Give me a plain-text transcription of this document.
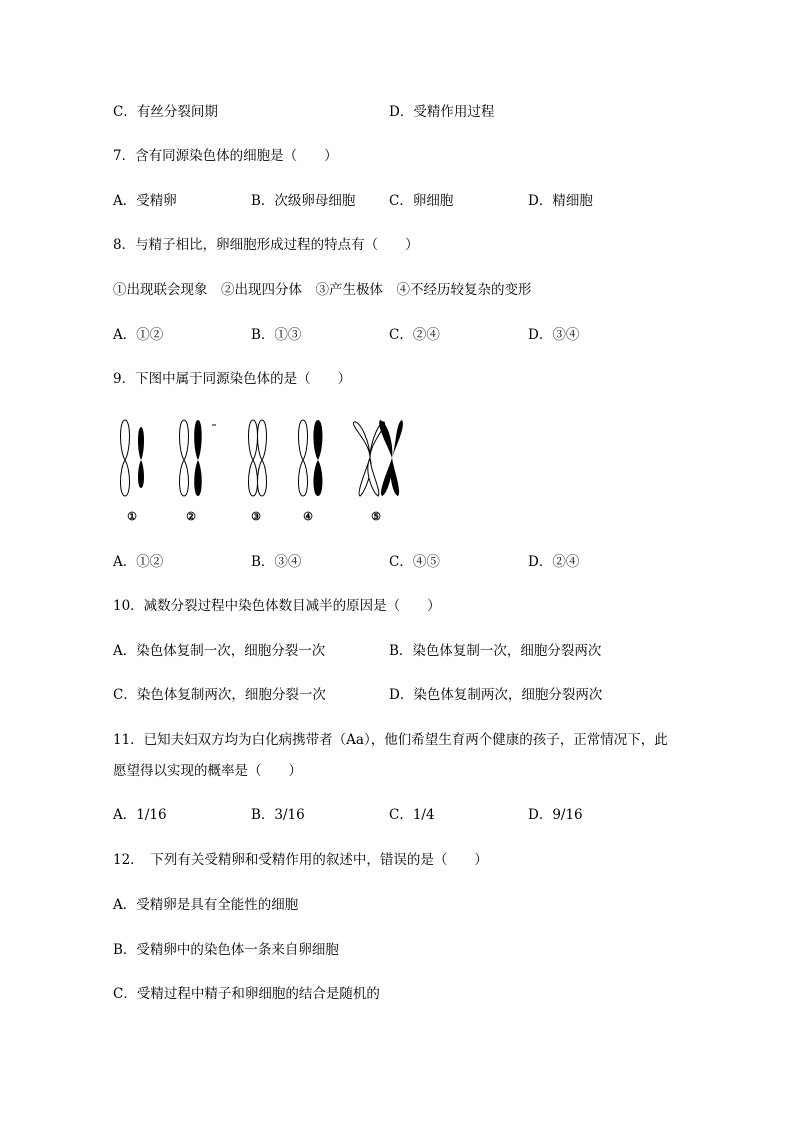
C．有丝分裂间期	D．受精作用过程
7．含有同源染色体的细胞是（　　）
A．受精卵	B．次级卵母细胞 C．卵细胞	D．精细胞
8．与精子相比，卵细胞形成过程的特点有（　　）
①出现联会现象　②出现四分体　③产生极体　④不经历较复杂的变形
A．①②	B．①③	C．②④	D．③④
9．下图中属于同源染色体的是（　　）
①	②	③	④	⑤
A．①②	B．③④	C．④⑤	D．②④
10．减数分裂过程中染色体数目减半的原因是（　　）
A．染色体复制一次，细胞分裂一次	B．染色体复制一次，细胞分裂两次
C．染色体复制两次，细胞分裂一次	D．染色体复制两次，细胞分裂两次
11．已知夫妇双方均为白化病携带者（Aa），他们希望生育两个健康的孩子，正常情况下，此
愿望得以实现的概率是（　　）
A．1/16	B．3/16	C．1/4	D．9/16
12．　下列有关受精卵和受精作用的叙述中，错误的是（　　）
A．受精卵是具有全能性的细胞
B．受精卵中的染色体一条来自卵细胞
C．受精过程中精子和卵细胞的结合是随机的
